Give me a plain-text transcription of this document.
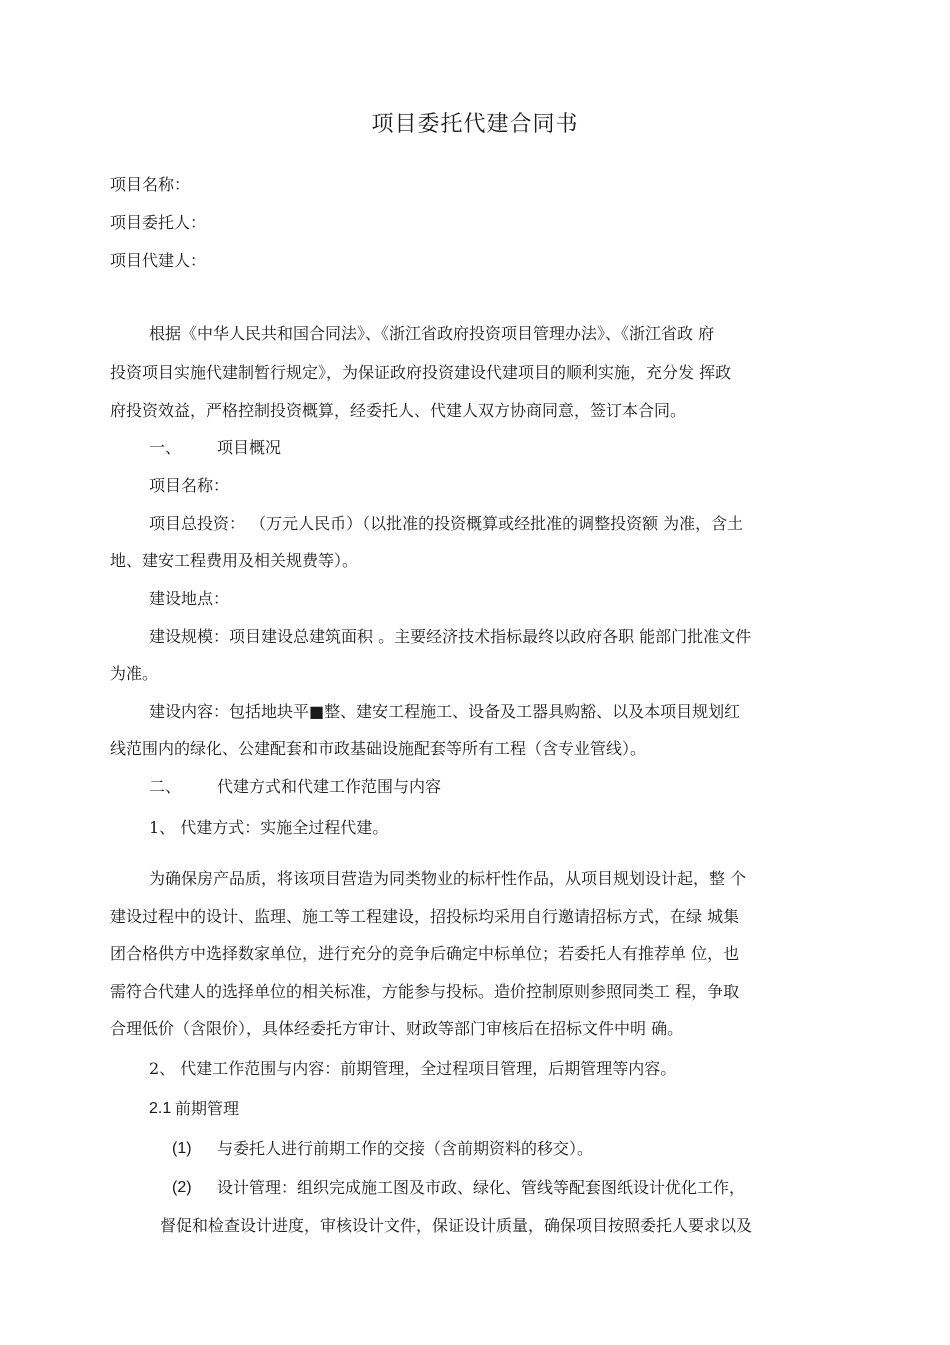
项目委托代建合同书
项目名称：
项目委托人：
项目代建人：
根据《中华人民共和国合同法》、《浙江省政府投资项目管理办法》、《浙江省政 府
投资项目实施代建制暂行规定》，为保证政府投资建设代建项目的顺利实施，充分发 挥政
府投资效益，严格控制投资概算，经委托人、代建人双方协商同意，签订本合同。
一、 项目概况
项目名称：
项目总投资： （万元人民币）（以批准的投资概算或经批准的调整投资额 为准，含土
地、建安工程费用及相关规费等）。
建设地点：
建设规模：项目建设总建筑面积 。主要经济技术指标最终以政府各职 能部门批准文件
为准。
建设内容：包括地块平■整、建安工程施工、设备及工器具购豁、以及本项目规划红
线范围内的绿化、公建配套和市政基础设施配套等所有工程（含专业管线）。
二、 代建方式和代建工作范围与内容
1、 代建方式：实施全过程代建。
为确保房产品质，将该项目营造为同类物业的标杆性作品，从项目规划设计起，整 个
建设过程中的设计、监理、施工等工程建设，招投标均采用自行邀请招标方式，在绿 城集
团合格供方中选择数家单位，进行充分的竞争后确定中标单位；若委托人有推荐单 位，也
需符合代建人的选择单位的相关标准，方能参与投标。造价控制原则参照同类工 程，争取
合理低价（含限价），具体经委托方审计、财政等部门审核后在招标文件中明 确。
2、 代建工作范围与内容：前期管理，全过程项目管理，后期管理等内容。
2.1 前期管理
(1) 与委托人进行前期工作的交接（含前期资料的移交）。
(2) 设计管理：组织完成施工图及市政、绿化、管线等配套图纸设计优化工作，
督促和检查设计进度，审核设计文件，保证设计质量，确保项目按照委托人要求以及
